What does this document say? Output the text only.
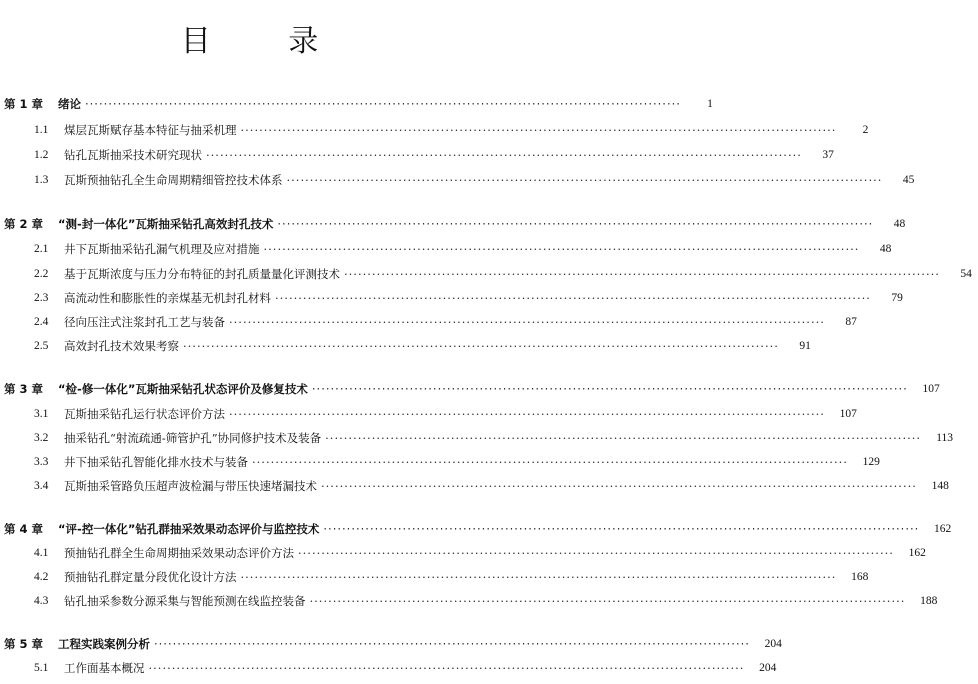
目 录
第 1 章	绪论 ·····	1
1.1	煤层瓦斯赋存基本特征与抽采机理 ·····	2
1.2	钻孔瓦斯抽采技术研究现状 ·····	37
1.3	瓦斯预抽钻孔全生命周期精细管控技术体系 ·····	45
第 2 章	“测-封一体化”瓦斯抽采钻孔高效封孔技术 ·····	48
2.1	井下瓦斯抽采钻孔漏气机理及应对措施 ·····	48
2.2	基于瓦斯浓度与压力分布特征的封孔质量量化评测技术 ·····	54
2.3	高流动性和膨胀性的亲煤基无机封孔材料 ·····	79
2.4	径向压注式注浆封孔工艺与装备 ·····	87
2.5	高效封孔技术效果考察 ·····	91
第 3 章	“检-修一体化”瓦斯抽采钻孔状态评价及修复技术 ·····	107
3.1	瓦斯抽采钻孔运行状态评价方法 ·····	107
3.2	抽采钻孔“射流疏通-筛管护孔”协同修护技术及装备 ·····	113
3.3	井下抽采钻孔智能化排水技术与装备 ·····	129
3.4	瓦斯抽采管路负压超声波检漏与带压快速堵漏技术 ·····	148
第 4 章	“评-控一体化”钻孔群抽采效果动态评价与监控技术 ·····	162
4.1	预抽钻孔群全生命周期抽采效果动态评价方法 ·····	162
4.2	预抽钻孔群定量分段优化设计方法 ·····	168
4.3	钻孔抽采参数分源采集与智能预测在线监控装备 ·····	188
第 5 章	工程实践案例分析 ·····	204
5.1	工作面基本概况 ·····	204
